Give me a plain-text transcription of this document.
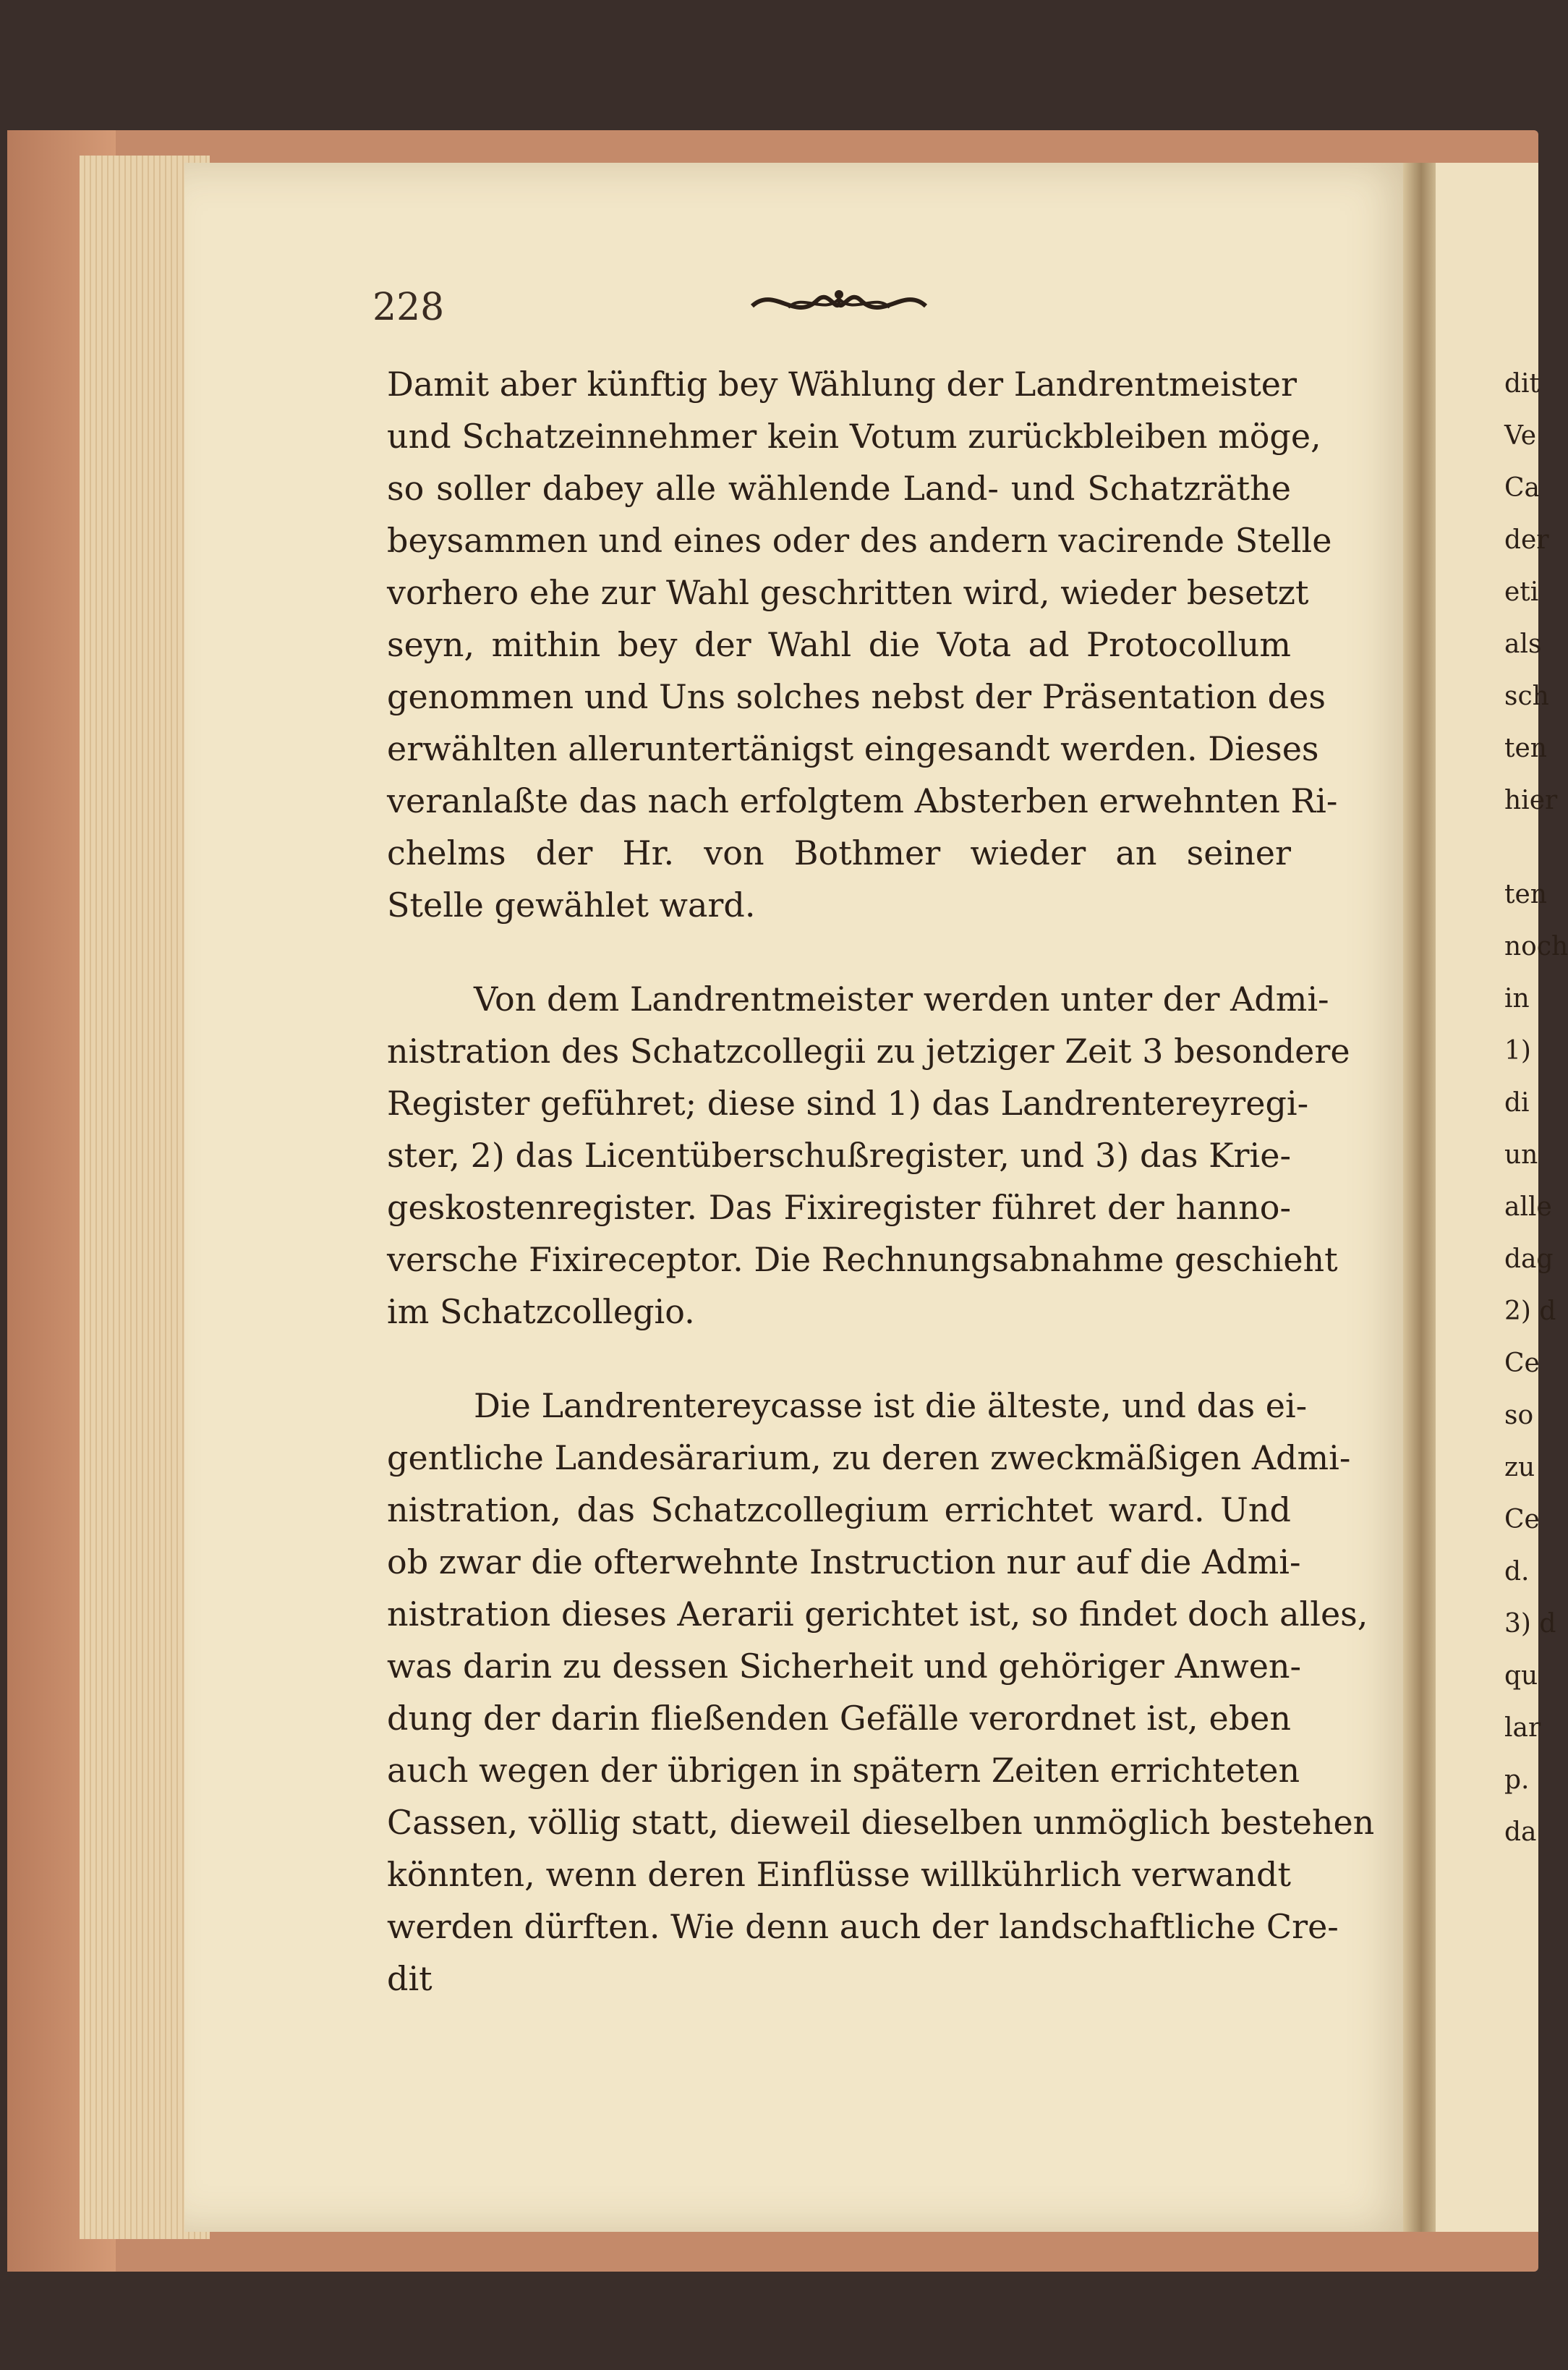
228
Damit aber künftig bey Wählung der Landrentmeister
und Schatzeinnehmer kein Votum zurückbleiben möge,
so soller dabey alle wählende Land- und Schatzräthe
beysammen und eines oder des andern vacirende Stelle
vorhero ehe zur Wahl geschritten wird, wieder besetzt
seyn, mithin bey der Wahl die Vota ad Protocollum
genommen und Uns solches nebst der Präsentation des
erwählten alleruntertänigst eingesandt werden. Dieses
veranlaßte das nach erfolgtem Absterben erwehnten Ri-
chelms der Hr. von Bothmer wieder an seiner
Stelle gewählet ward.
Von dem Landrentmeister werden unter der Admi-
nistration des Schatzcollegii zu jetziger Zeit 3 besondere
Register geführet; diese sind 1) das Landrentereyregi-
ster, 2) das Licentüberschußregister, und 3) das Krie-
geskostenregister. Das Fixiregister führet der hanno-
versche Fixireceptor. Die Rechnungsabnahme geschieht
im Schatzcollegio.
Die Landrentereycasse ist die älteste, und das ei-
gentliche Landesärarium, zu deren zweckmäßigen Admi-
nistration, das Schatzcollegium errichtet ward. Und
ob zwar die ofterwehnte Instruction nur auf die Admi-
nistration dieses Aerarii gerichtet ist, so findet doch alles,
was darin zu dessen Sicherheit und gehöriger Anwen-
dung der darin fließenden Gefälle verordnet ist, eben
auch wegen der übrigen in spätern Zeiten errichteten
Cassen, völlig statt, dieweil dieselben unmöglich bestehen
könnten, wenn deren Einflüsse willkührlich verwandt
werden dürften. Wie denn auch der landschaftliche Cre-
dit
dit
Ve
Ca
der
eti
als
sch
ten
hier
ten
noch
in
1)
di
un
alle
dag
2) d
Ce
so
zu
Ce
d.
3) d
qu
lar
p.
da
